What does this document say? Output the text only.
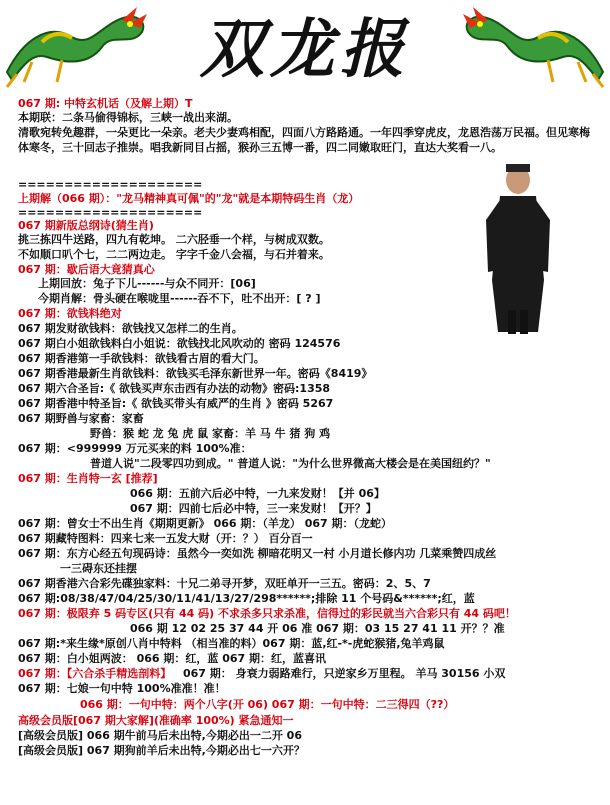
双龙报
067 期: 中特玄机话（及解上期）T
本期联：二条马偷得锦标，三峡一战出来湖。
====================
上期解（066 期）："龙马精神真可佩"的"龙"就是本期特码生肖（龙）
====================
067 期新版总纲诗(猜生肖)
挑三拣四牛送路，四九有乾坤。 二六胫垂一个样，与树成双数。
不如顺口叭个七，二二两边走。 字字千金八会福，与石并着来。
067 期：歇后语大竟猜真心
上期回放：兔子下儿------与众不同开：[06]
今期肖解：骨头硬在喉咙里------吞不下，吐不出开：[ ? ]
067 期：欲钱料绝对
067 期发财欲钱料：欲钱找又怎样二的生肖。
067 期白小姐欲钱料白小姐说：欲钱找北风吹动的 密码 124576
067 期香港第一手欲钱料：欲钱看古眉的看大门。
067 期香港最新生肖欲钱料：欲钱买毛泽东新世界一年。密码《8419》
067 期六合圣旨:《 欲钱买声东击西有办法的动物》密码:1358
067 期香港中特圣旨:《 欲钱买带头有威严的生肖 》密码 5267
067 期野兽与家畜：家畜
野兽：猴 蛇 龙 兔 虎 鼠 家畜：羊 马 牛 猪 狗 鸡
067 期：<999999 万元买来的料 100%准：
普道人说"二段零四功到成。" 普道人说："为什么世界微高大楼会是在美国纽约？"
067 期：生肖特一玄 [推荐]
066 期：五前六后必中特，一九来发财！【并 06】
067 期：四前七后必中特，三一来发财！【开？】
067 期：曾女士不出生肖《期期更新》 066 期：（羊龙） 067 期：（龙蛇）
067 期藏特图料：四来七来一五发大财（开：？） 百分百一
067 期：东方心经五句现码诗：虽然今一奕如洗 柳暗花明又一村 小月道长修内功 几菜乘赞四成丝
一三碍东还挂摆
067 期香港六合彩先碟独家料：十兄二弟寻开梦，双旺单开一三五。密码：2、5、7
067 期:08/38/47/04/25/30/11/41/13/27/298******;排除 11 个号码&******;红，蓝
067 期：极限弃 5 码专区(只有 44 码) 不求杀多只求杀准，信得过的彩民就当六合彩只有 44 码吧！
066 期 12 02 25 37 44 开 06 准 067 期：03 15 27 41 11 开？？准
067 期:*来生缘*原创八肖中特料 （相当准的料）067 期：蓝,红-*-虎蛇猴猪,兔羊鸡鼠
067 期：白小姐两波： 066 期：红，蓝 067 期：红，蓝喜讯
067 期：【六合杀手精选剖料】 067 期： 身衰力弱路难行，只逆家乡万里程。 羊马 30156 小双
067 期：七娘一句中特 100%准准！准！
066 期：一句中特：两个八字(开 06) 067 期：一句中特：二三得四（??）
高级会员版[067 期大家解](准确率 100%) 紧急通知一
[高级会员版] 066 期牛前马后未出特,今期必出一二开 06
[高级会员版] 067 期狗前羊后未出特,今期必出七一六开？
清歌宛转免趣群，一朵更比一朵亲。老夫少妻鸡相配，四面八方路路通。一年四季穿虎皮，龙恩浩荡万民福。但见寒梅体寒冬，三十回志子推崇。唱我新同目占摇，猴孙三五博一番，四二同嫩取旺门，直达大奖看一八。
